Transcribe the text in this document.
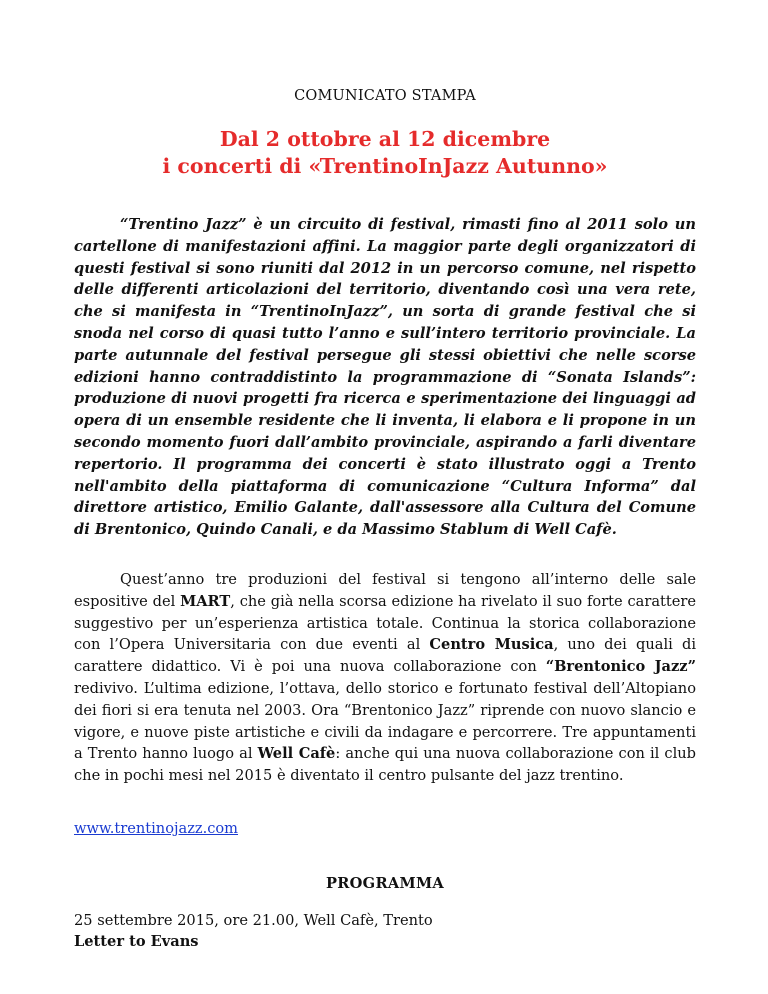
COMUNICATO STAMPA
Dal 2 ottobre al 12 dicembre
i concerti di «TrentinoInJazz Autunno»

“Trentino Jazz” è un circuito di festival, rimasti fino al 2011 solo un cartellone di manifestazioni affini. La maggior parte degli organizzatori di questi festival si sono riuniti dal 2012 in un percorso comune, nel rispetto delle differenti articolazioni del territorio, diventando così una vera rete, che si manifesta in “TrentinoInJazz”, un sorta di grande festival che si snoda nel corso di quasi tutto l’anno e sull’intero territorio provinciale. La parte autunnale del festival persegue gli stessi obiettivi che nelle scorse edizioni hanno contraddistinto la programmazione di “Sonata Islands”: produzione di nuovi progetti fra ricerca e sperimentazione dei linguaggi ad opera di un ensemble residente che li inventa, li elabora e li propone in un secondo momento fuori dall’ambito provinciale, aspirando a farli diventare repertorio. Il programma dei concerti è stato illustrato oggi a Trento nell'ambito della piattaforma di comunicazione “Cultura Informa” dal direttore artistico, Emilio Galante, dall'assessore alla Cultura del Comune di Brentonico, Quindo Canali, e da Massimo Stablum di Well Cafè.

Quest’anno tre produzioni del festival si tengono all’interno delle sale espositive del MART, che già nella scorsa edizione ha rivelato il suo forte carattere suggestivo per un’esperienza artistica totale. Continua la storica collaborazione con l’Opera Universitaria con due eventi al Centro Musica, uno dei quali di carattere didattico. Vi è poi una nuova collaborazione con “Brentonico Jazz” redivivo. L’ultima edizione, l’ottava, dello storico e fortunato festival dell’Altopiano dei fiori si era tenuta nel 2003. Ora “Brentonico Jazz” riprende con nuovo slancio e vigore, e nuove piste artistiche e civili da indagare e percorrere. Tre appuntamenti a Trento hanno luogo al Well Cafè: anche qui una nuova collaborazione con il club che in pochi mesi nel 2015 è diventato il centro pulsante del jazz trentino.

www.trentinojazz.com
PROGRAMMA
25 settembre 2015, ore 21.00, Well Cafè, Trento
Letter to Evans
